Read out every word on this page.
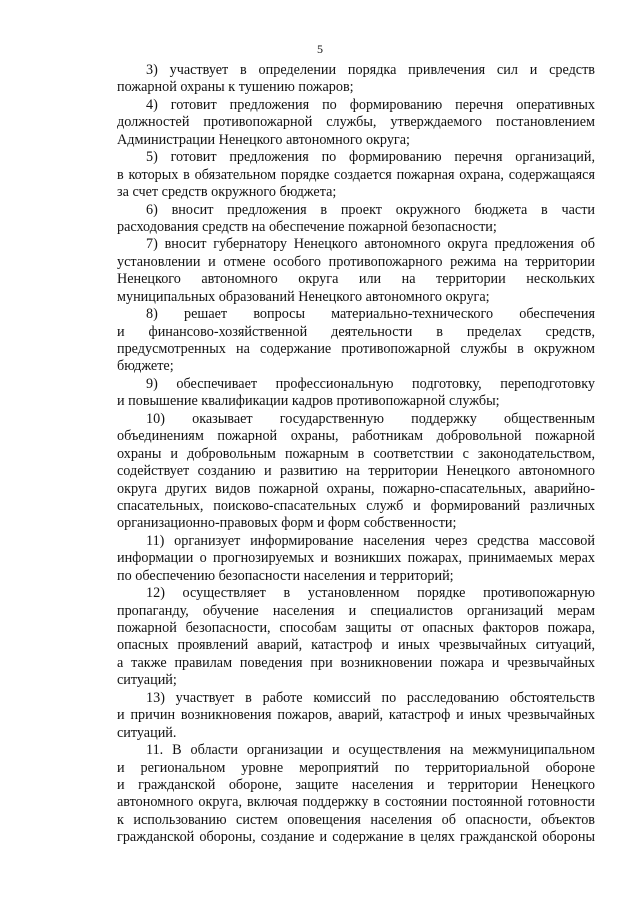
5
3) участвует в определении порядка привлечения сил и средств
пожарной охраны к тушению пожаров;
4) готовит предложения по формированию перечня оперативных
должностей противопожарной службы, утверждаемого постановлением
Администрации Ненецкого автономного округа;
5) готовит предложения по формированию перечня организаций,
в которых в обязательном порядке создается пожарная охрана, содержащаяся
за счет средств окружного бюджета;
6) вносит предложения в проект окружного бюджета в части
расходования средств на обеспечение пожарной безопасности;
7) вносит губернатору Ненецкого автономного округа предложения об
установлении и отмене особого противопожарного режима на территории
Ненецкого автономного округа или на территории нескольких
муниципальных образований Ненецкого автономного округа;
8) решает вопросы материально-технического обеспечения
и финансово-хозяйственной деятельности в пределах средств,
предусмотренных на содержание противопожарной службы в окружном
бюджете;
9) обеспечивает профессиональную подготовку, переподготовку
и повышение квалификации кадров противопожарной службы;
10) оказывает государственную поддержку общественным
объединениям пожарной охраны, работникам добровольной пожарной
охраны и добровольным пожарным в соответствии с законодательством,
содействует созданию и развитию на территории Ненецкого автономного
округа других видов пожарной охраны, пожарно-спасательных, аварийно-
спасательных, поисково-спасательных служб и формирований различных
организационно-правовых форм и форм собственности;
11) организует информирование населения через средства массовой
информации о прогнозируемых и возникших пожарах, принимаемых мерах
по обеспечению безопасности населения и территорий;
12) осуществляет в установленном порядке противопожарную
пропаганду, обучение населения и специалистов организаций мерам
пожарной безопасности, способам защиты от опасных факторов пожара,
опасных проявлений аварий, катастроф и иных чрезвычайных ситуаций,
а также правилам поведения при возникновении пожара и чрезвычайных
ситуаций;
13) участвует в работе комиссий по расследованию обстоятельств
и причин возникновения пожаров, аварий, катастроф и иных чрезвычайных
ситуаций.
11. В области организации и осуществления на межмуниципальном
и региональном уровне мероприятий по территориальной обороне
и гражданской обороне, защите населения и территории Ненецкого
автономного округа, включая поддержку в состоянии постоянной готовности
к использованию систем оповещения населения об опасности, объектов
гражданской обороны, создание и содержание в целях гражданской обороны
